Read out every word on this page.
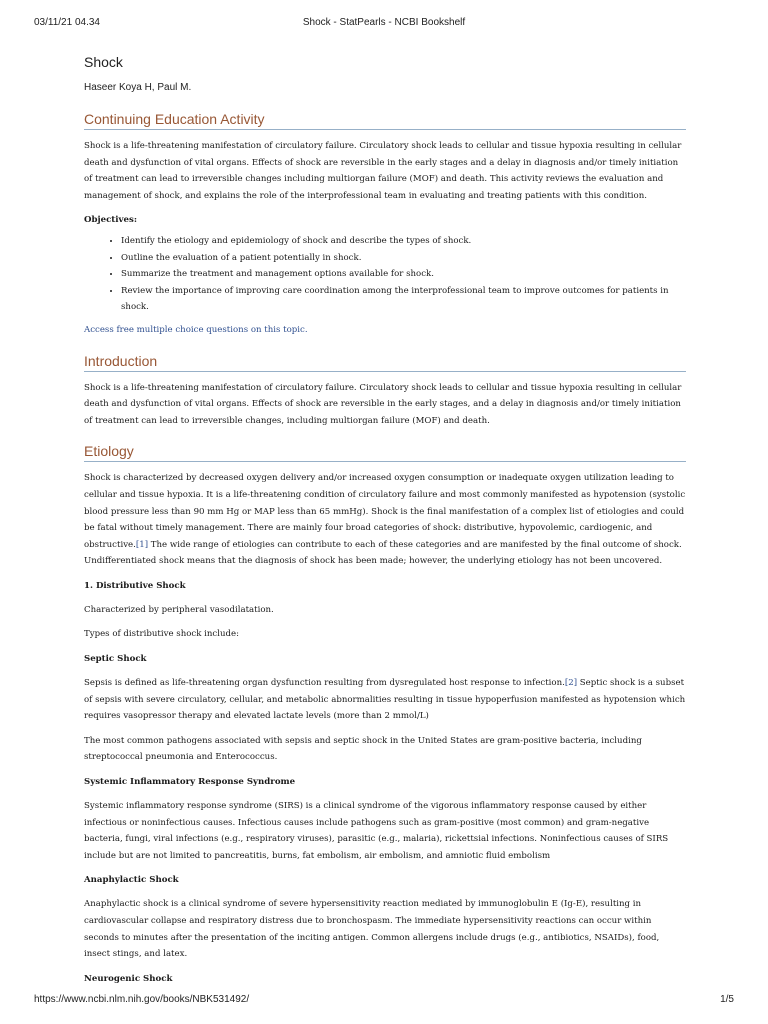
03/11/21 04.34	Shock - StatPearls - NCBI Bookshelf
Shock
Haseer Koya H, Paul M.
Continuing Education Activity

Shock is a life-threatening manifestation of circulatory failure. Circulatory shock leads to cellular and tissue hypoxia resulting in cellular death and dysfunction of vital organs. Effects of shock are reversible in the early stages and a delay in diagnosis and/or timely initiation of treatment can lead to irreversible changes including multiorgan failure (MOF) and death. This activity reviews the evaluation and management of shock, and explains the role of the interprofessional team in evaluating and treating patients with this condition.

Objectives:

• Identify the etiology and epidemiology of shock and describe the types of shock.
• Outline the evaluation of a patient potentially in shock.
• Summarize the treatment and management options available for shock.
• Review the importance of improving care coordination among the interprofessional team to improve outcomes for patients in shock.

Access free multiple choice questions on this topic.

Introduction

Shock is a life-threatening manifestation of circulatory failure. Circulatory shock leads to cellular and tissue hypoxia resulting in cellular death and dysfunction of vital organs. Effects of shock are reversible in the early stages, and a delay in diagnosis and/or timely initiation of treatment can lead to irreversible changes, including multiorgan failure (MOF) and death.

Etiology

Shock is characterized by decreased oxygen delivery and/or increased oxygen consumption or inadequate oxygen utilization leading to cellular and tissue hypoxia. It is a life-threatening condition of circulatory failure and most commonly manifested as hypotension (systolic blood pressure less than 90 mm Hg or MAP less than 65 mmHg). Shock is the final manifestation of a complex list of etiologies and could be fatal without timely management. There are mainly four broad categories of shock: distributive, hypovolemic, cardiogenic, and obstructive.[1] The wide range of etiologies can contribute to each of these categories and are manifested by the final outcome of shock. Undifferentiated shock means that the diagnosis of shock has been made; however, the underlying etiology has not been uncovered.

1. Distributive Shock

Characterized by peripheral vasodilatation.

Types of distributive shock include:

Septic Shock

Sepsis is defined as life-threatening organ dysfunction resulting from dysregulated host response to infection.[2] Septic shock is a subset of sepsis with severe circulatory, cellular, and metabolic abnormalities resulting in tissue hypoperfusion manifested as hypotension which requires vasopressor therapy and elevated lactate levels (more than 2 mmol/L)

The most common pathogens associated with sepsis and septic shock in the United States are gram-positive bacteria, including streptococcal pneumonia and Enterococcus.

Systemic Inflammatory Response Syndrome

Systemic inflammatory response syndrome (SIRS) is a clinical syndrome of the vigorous inflammatory response caused by either infectious or noninfectious causes. Infectious causes include pathogens such as gram-positive (most common) and gram-negative bacteria, fungi, viral infections (e.g., respiratory viruses), parasitic (e.g., malaria), rickettsial infections. Noninfectious causes of SIRS include but are not limited to pancreatitis, burns, fat embolism, air embolism, and amniotic fluid embolism

Anaphylactic Shock

Anaphylactic shock is a clinical syndrome of severe hypersensitivity reaction mediated by immunoglobulin E (Ig-E), resulting in cardiovascular collapse and respiratory distress due to bronchospasm. The immediate hypersensitivity reactions can occur within seconds to minutes after the presentation of the inciting antigen. Common allergens include drugs (e.g., antibiotics, NSAIDs), food, insect stings, and latex.

Neurogenic Shock
https://www.ncbi.nlm.nih.gov/books/NBK531492/	1/5
